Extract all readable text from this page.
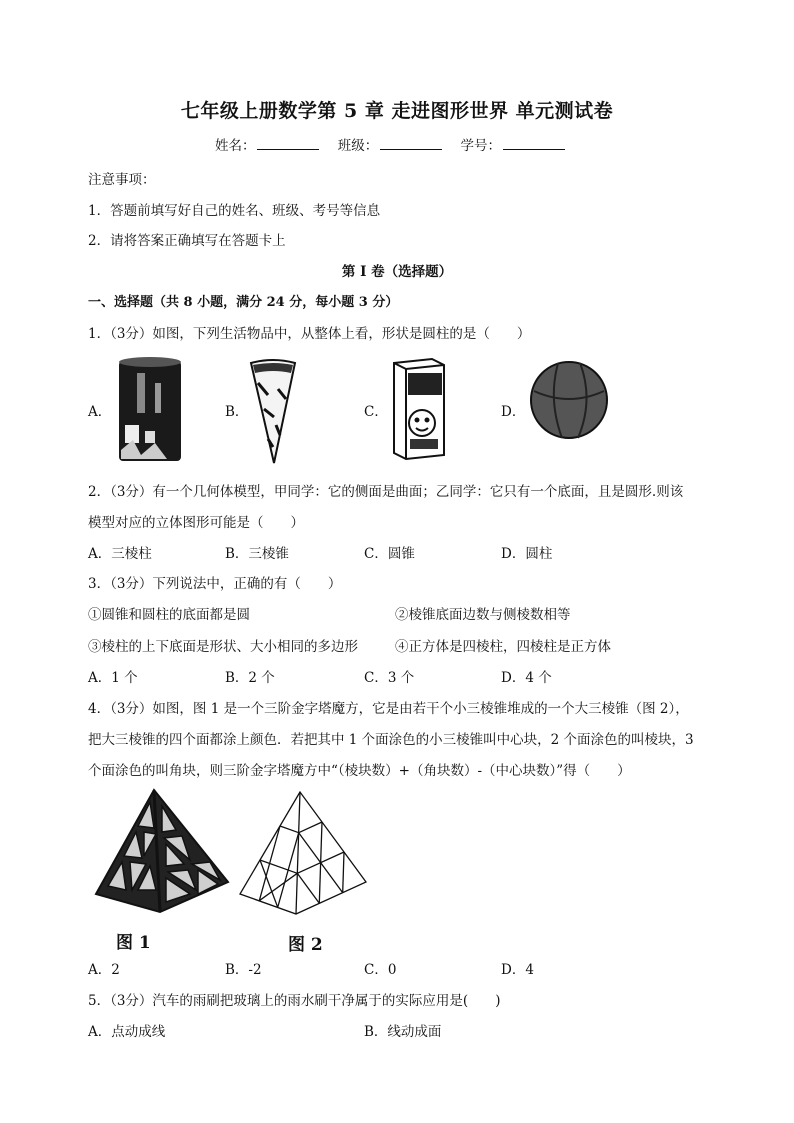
七年级上册数学第 5 章 走进图形世界 单元测试卷
姓名：	班级：	学号：
注意事项：
1．答题前填写好自己的姓名、班级、考号等信息
2．请将答案正确填写在答题卡上
第 I 卷（选择题）
一、选择题（共 8 小题，满分 24 分，每小题 3 分）
1．（3分）如图，下列生活物品中，从整体上看，形状是圆柱的是（　　）
A．	B．	C．	D．
2．（3分）有一个几何体模型，甲同学：它的侧面是曲面；乙同学：它只有一个底面，且是圆形.则该
模型对应的立体图形可能是（　　）
A．三棱柱	B．三棱锥	C．圆锥	D．圆柱
3．（3分）下列说法中，正确的有（　　）
①圆锥和圆柱的底面都是圆	②棱锥底面边数与侧棱数相等
③棱柱的上下底面是形状、大小相同的多边形	④正方体是四棱柱，四棱柱是正方体
A．1 个	B．2 个	C．3 个	D．4 个
4．（3分）如图，图 1 是一个三阶金字塔魔方，它是由若干个小三棱锥堆成的一个大三棱锥（图 2），
把大三棱锥的四个面都涂上颜色．若把其中 1 个面涂色的小三棱锥叫中心块，2 个面涂色的叫棱块，3
个面涂色的叫角块，则三阶金字塔魔方中“（棱块数）+（角块数）-（中心块数）”得（　　）
图 1	图 2
A．2	B．-2	C．0	D．4
5．（3分）汽车的雨刷把玻璃上的雨水刷干净属于的实际应用是(　　)
A．点动成线	B．线动成面
